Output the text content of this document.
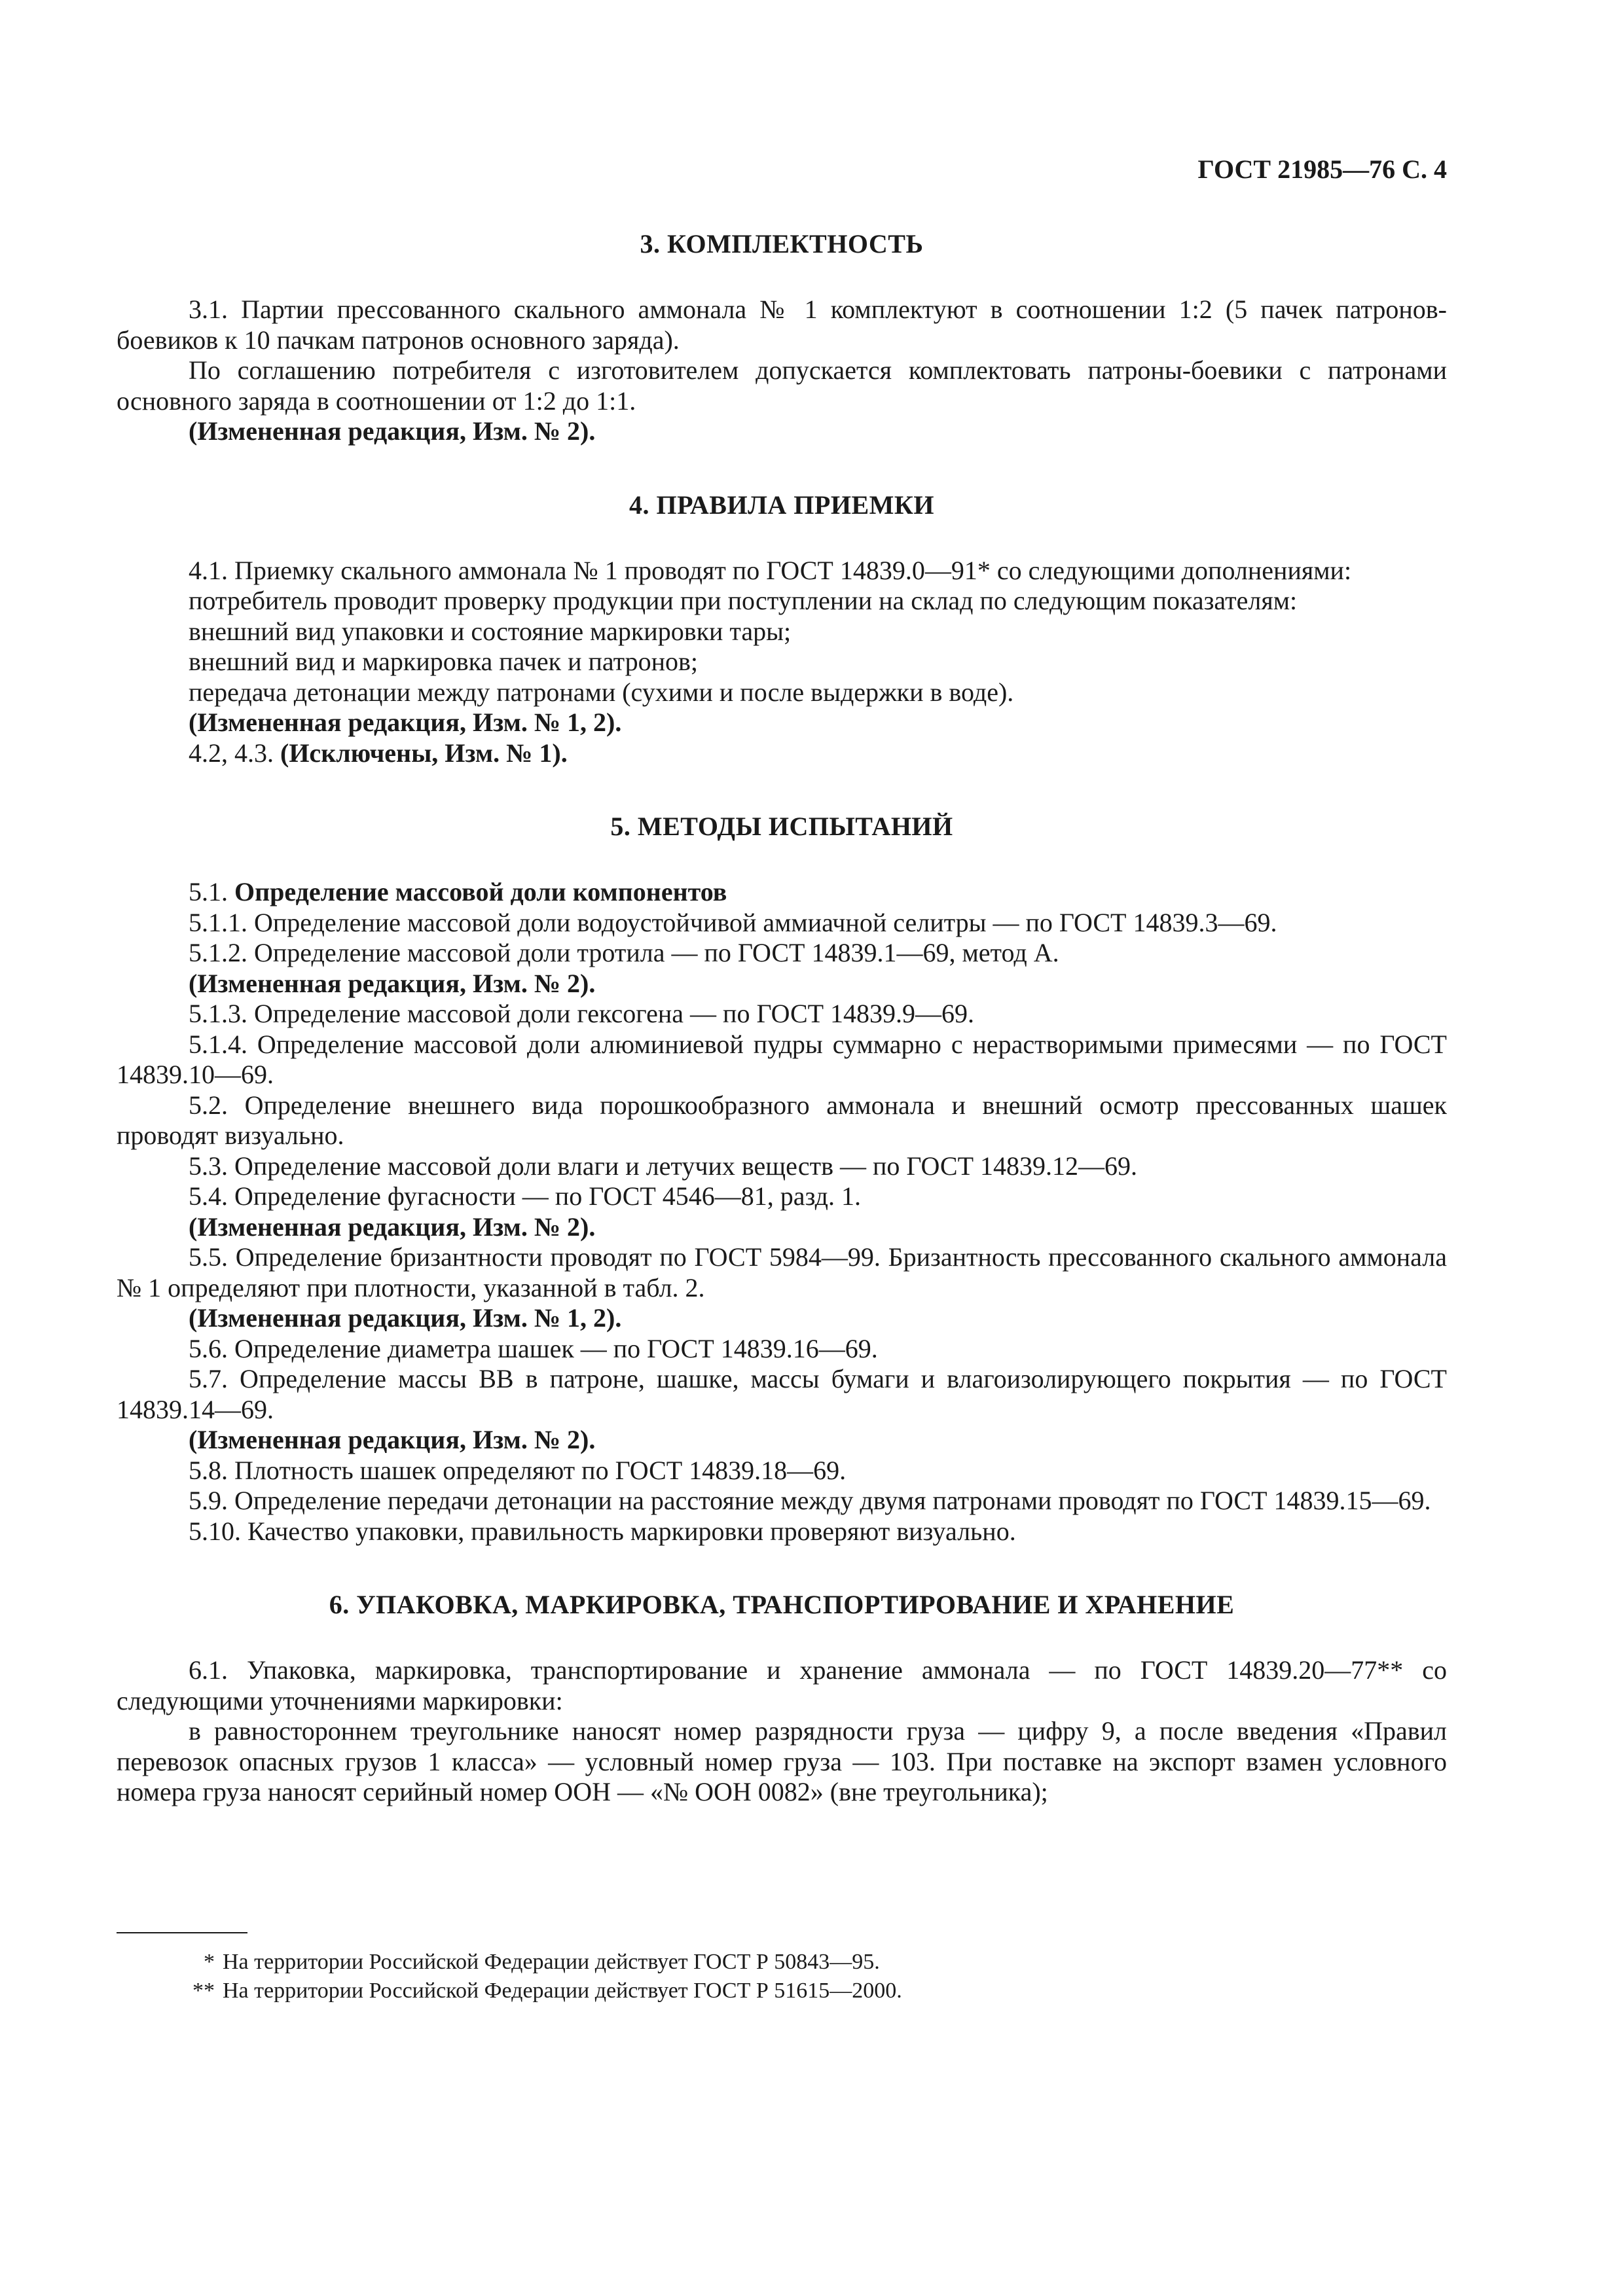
ГОСТ 21985—76 С. 4
3. КОМПЛЕКТНОСТЬ

3.1. Партии прессованного скального аммонала № 1 комплектуют в соотношении 1:2 (5 пачек патронов-боевиков к 10 пачкам патронов основного заряда).

По соглашению потребителя с изготовителем допускается комплектовать патроны-боевики с патронами основного заряда в соотношении от 1:2 до 1:1.

(Измененная редакция, Изм. № 2).

4. ПРАВИЛА ПРИЕМКИ

4.1. Приемку скального аммонала № 1 проводят по ГОСТ 14839.0—91* со следующими дополнениями:

потребитель проводит проверку продукции при поступлении на склад по следующим показателям:

внешний вид упаковки и состояние маркировки тары;

внешний вид и маркировка пачек и патронов;

передача детонации между патронами (сухими и после выдержки в воде).

(Измененная редакция, Изм. № 1, 2).

4.2, 4.3. (Исключены, Изм. № 1).

5. МЕТОДЫ ИСПЫТАНИЙ

5.1. Определение массовой доли компонентов

5.1.1. Определение массовой доли водоустойчивой аммиачной селитры — по ГОСТ 14839.3—69.

5.1.2. Определение массовой доли тротила — по ГОСТ 14839.1—69, метод А.

(Измененная редакция, Изм. № 2).

5.1.3. Определение массовой доли гексогена — по ГОСТ 14839.9—69.

5.1.4. Определение массовой доли алюминиевой пудры суммарно с нерастворимыми примесями — по ГОСТ 14839.10—69.

5.2. Определение внешнего вида порошкообразного аммонала и внешний осмотр прессованных шашек проводят визуально.

5.3. Определение массовой доли влаги и летучих веществ — по ГОСТ 14839.12—69.

5.4. Определение фугасности — по ГОСТ 4546—81, разд. 1.

(Измененная редакция, Изм. № 2).

5.5. Определение бризантности проводят по ГОСТ 5984—99. Бризантность прессованного скального аммонала № 1 определяют при плотности, указанной в табл. 2.

(Измененная редакция, Изм. № 1, 2).

5.6. Определение диаметра шашек — по ГОСТ 14839.16—69.

5.7. Определение массы ВВ в патроне, шашке, массы бумаги и влагоизолирующего покрытия — по ГОСТ 14839.14—69.

(Измененная редакция, Изм. № 2).

5.8. Плотность шашек определяют по ГОСТ 14839.18—69.

5.9. Определение передачи детонации на расстояние между двумя патронами проводят по ГОСТ 14839.15—69.

5.10. Качество упаковки, правильность маркировки проверяют визуально.

6. УПАКОВКА, МАРКИРОВКА, ТРАНСПОРТИРОВАНИЕ И ХРАНЕНИЕ

6.1. Упаковка, маркировка, транспортирование и хранение аммонала — по ГОСТ 14839.20—77** со следующими уточнениями маркировки:

в равностороннем треугольнике наносят номер разрядности груза — цифру 9, а после введения «Правил перевозок опасных грузов 1 класса» — условный номер груза — 103. При поставке на экспорт взамен условного номера груза наносят серийный номер ООН — «№ ООН 0082» (вне треугольника);

* На территории Российской Федерации действует ГОСТ Р 50843—95.
** На территории Российской Федерации действует ГОСТ Р 51615—2000.
